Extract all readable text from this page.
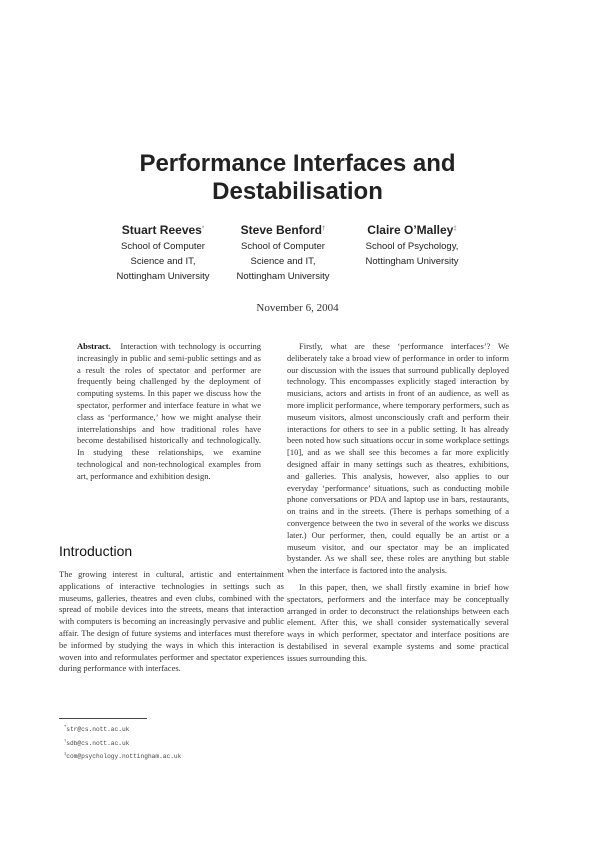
Performance Interfaces and
Destabilisation
Stuart Reeves*
School of Computer
Science and IT,
Nottingham University
Steve Benford†
School of Computer
Science and IT,
Nottingham University
Claire O’Malley‡
School of Psychology,
Nottingham University
November 6, 2004

Abstract. Interaction with technology is occurring increasingly in public and semi-public settings and as a result the roles of spectator and performer are frequently being challenged by the deployment of computing systems. In this paper we discuss how the spectator, performer and interface feature in what we class as ‘performance,’ how we might analyse their interrelationships and how traditional roles have become destabilised historically and technologically. In studying these relationships, we examine technological and non-technological examples from art, performance and exhibition design.

Introduction

The growing interest in cultural, artistic and entertainment applications of interactive technologies in settings such as museums, galleries, theatres and even clubs, combined with the spread of mobile devices into the streets, means that interaction with computers is becoming an increasingly pervasive and public affair. The design of future systems and interfaces must therefore be informed by studying the ways in which this interaction is woven into and reformulates performer and spectator experiences during performance with interfaces.

*str@cs.nott.ac.uk
†sdb@cs.nott.ac.uk
‡com@psychology.nottingham.ac.uk

Firstly, what are these ‘performance interfaces’? We deliberately take a broad view of performance in order to inform our discussion with the issues that surround publically deployed technology. This encompasses explicitly staged interaction by musicians, actors and artists in front of an audience, as well as more implicit performance, where temporary performers, such as museum visitors, almost unconsciously craft and perform their interactions for others to see in a public setting. It has already been noted how such situations occur in some workplace settings [10], and as we shall see this becomes a far more explicitly designed affair in many settings such as theatres, exhibitions, and galleries. This analysis, however, also applies to our everyday ‘performance’ situations, such as conducting mobile phone conversations or PDA and laptop use in bars, restaurants, on trains and in the streets. (There is perhaps something of a convergence between the two in several of the works we discuss later.) Our performer, then, could equally be an artist or a museum visitor, and our spectator may be an implicated bystander. As we shall see, these roles are anything but stable when the interface is factored into the analysis.

In this paper, then, we shall firstly examine in brief how spectators, performers and the interface may be conceptually arranged in order to deconstruct the relationships between each element. After this, we shall consider systematically several ways in which performer, spectator and interface positions are destabilised in several example systems and some practical issues surrounding this.
